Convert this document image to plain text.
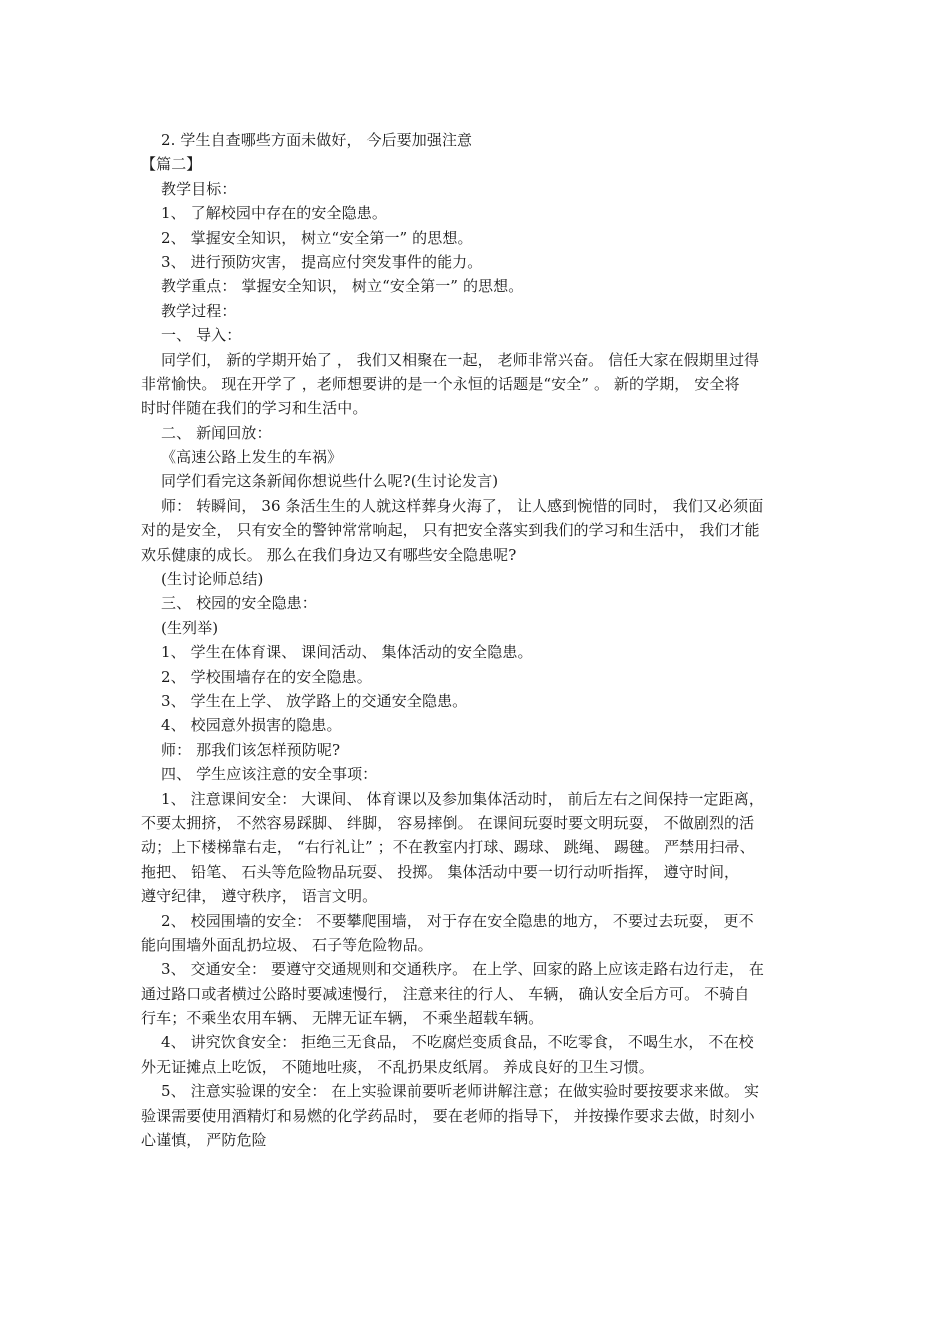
2. 学生自查哪些方面未做好， 今后要加强注意
【篇二】
教学目标：
1、 了解校园中存在的安全隐患。
2、 掌握安全知识， 树立“安全第一” 的思想。
3、 进行预防灾害， 提高应付突发事件的能力。
教学重点： 掌握安全知识， 树立“安全第一” 的思想。
教学过程：
一、 导入：
同学们， 新的学期开始了 ， 我们又相聚在一起， 老师非常兴奋。 信任大家在假期里过得
非常愉快。 现在开学了 ，老师想要讲的是一个永恒的话题是“安全” 。 新的学期， 安全将
时时伴随在我们的学习和生活中。
二、 新闻回放：
《高速公路上发生的车祸》
同学们看完这条新闻你想说些什么呢?(生讨论发言)
师： 转瞬间， 36 条活生生的人就这样葬身火海了， 让人感到惋惜的同时， 我们又必须面
对的是安全， 只有安全的警钟常常响起， 只有把安全落实到我们的学习和生活中， 我们才能
欢乐健康的成长。 那么在我们身边又有哪些安全隐患呢?
(生讨论师总结)
三、 校园的安全隐患：
(生列举)
1、 学生在体育课、 课间活动、 集体活动的安全隐患。
2、 学校围墙存在的安全隐患。
3、 学生在上学、 放学路上的交通安全隐患。
4、 校园意外损害的隐患。
师： 那我们该怎样预防呢?
四、 学生应该注意的安全事项：
1、 注意课间安全： 大课间、 体育课以及参加集体活动时， 前后左右之间保持一定距离，
不要太拥挤， 不然容易踩脚、 绊脚， 容易摔倒。 在课间玩耍时要文明玩耍， 不做剧烈的活
动；上下楼梯靠右走， “右行礼让” ；不在教室内打球、踢球、 跳绳、 踢毽。 严禁用扫帚、
拖把、 铅笔、 石头等危险物品玩耍、 投掷。 集体活动中要一切行动听指挥， 遵守时间，
遵守纪律， 遵守秩序， 语言文明。
2、 校园围墙的安全： 不要攀爬围墙， 对于存在安全隐患的地方， 不要过去玩耍， 更不
能向围墙外面乱扔垃圾、 石子等危险物品。
3、 交通安全： 要遵守交通规则和交通秩序。 在上学、回家的路上应该走路右边行走， 在
通过路口或者横过公路时要减速慢行， 注意来往的行人、 车辆， 确认安全后方可。 不骑自
行车；不乘坐农用车辆、 无牌无证车辆， 不乘坐超载车辆。
4、 讲究饮食安全： 拒绝三无食品， 不吃腐烂变质食品，不吃零食， 不喝生水， 不在校
外无证摊点上吃饭， 不随地吐痰， 不乱扔果皮纸屑。 养成良好的卫生习惯。
5、 注意实验课的安全： 在上实验课前要听老师讲解注意；在做实验时要按要求来做。 实
验课需要使用酒精灯和易燃的化学药品时， 要在老师的指导下， 并按操作要求去做，时刻小
心谨慎， 严防危险
